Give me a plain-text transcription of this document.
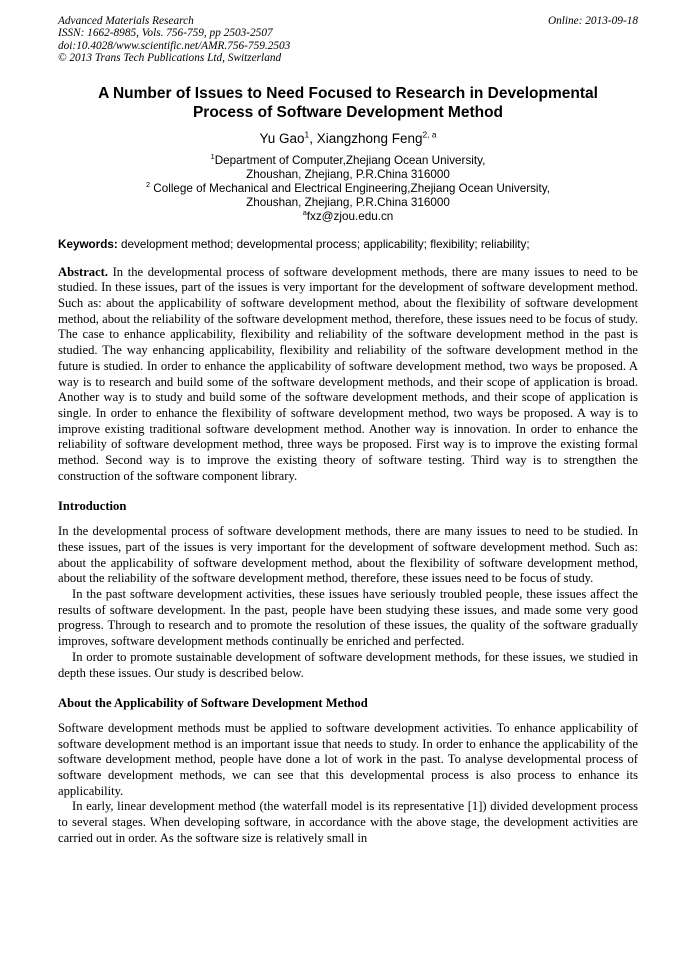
Advanced Materials Research
ISSN: 1662-8985, Vols. 756-759, pp 2503-2507
doi:10.4028/www.scientific.net/AMR.756-759.2503
© 2013 Trans Tech Publications Ltd, Switzerland
Online: 2013-09-18
A Number of Issues to Need Focused to Research in Developmental Process of Software Development Method
Yu Gao$^1$, Xiangzhong Feng$^{2, a}$

$^1$Department of Computer,Zhejiang Ocean University,

Zhoushan, Zhejiang, P.R.China 316000

$^2$ College of Mechanical and Electrical Engineering,Zhejiang Ocean University,

Zhoushan, Zhejiang, P.R.China 316000

$^a$fxz@zjou.edu.cn

Keywords: development method; developmental process; applicability; flexibility; reliability;

Abstract. In the developmental process of software development methods, there are many issues to need to be studied. In these issues, part of the issues is very important for the development of software development method. Such as: about the applicability of software development method, about the flexibility of software development method, about the reliability of the software development method, therefore, these issues need to be focus of study. The case to enhance applicability, flexibility and reliability of the software development method in the past is studied. The way enhancing applicability, flexibility and reliability of the software development method in the future is studied. In order to enhance the applicability of software development method, two ways be proposed. A way is to research and build some of the software development methods, and their scope of application is broad. Another way is to study and build some of the software development methods, and their scope of application is single. In order to enhance the flexibility of software development method, two ways be proposed. A way is to improve existing traditional software development method. Another way is innovation. In order to enhance the reliability of software development method, three ways be proposed. First way is to improve the existing formal method. Second way is to improve the existing theory of software testing. Third way is to strengthen the construction of the software component library.

Introduction

In the developmental process of software development methods, there are many issues to need to be studied. In these issues, part of the issues is very important for the development of software development method. Such as: about the applicability of software development method, about the flexibility of software development method, about the reliability of the software development method, therefore, these issues need to be focus of study.

In the past software development activities, these issues have seriously troubled people, these issues affect the results of software development. In the past, people have been studying these issues, and made some very good progress. Through to research and to promote the resolution of these issues, the quality of the software gradually improves, software development methods continually be enriched and perfected.

In order to promote sustainable development of software development methods, for these issues, we studied in depth these issues. Our study is described below.

About the Applicability of Software Development Method

Software development methods must be applied to software development activities. To enhance applicability of software development method is an important issue that needs to study. In order to enhance the applicability of the software development method, people have done a lot of work in the past. To analyse developmental process of software development methods, we can see that this developmental process is also process to enhance its applicability.

In early, linear development method (the waterfall model is its representative [1]) divided development process to several stages. When developing software, in accordance with the above stage, the development activities are carried out in order. As the software size is relatively small in
